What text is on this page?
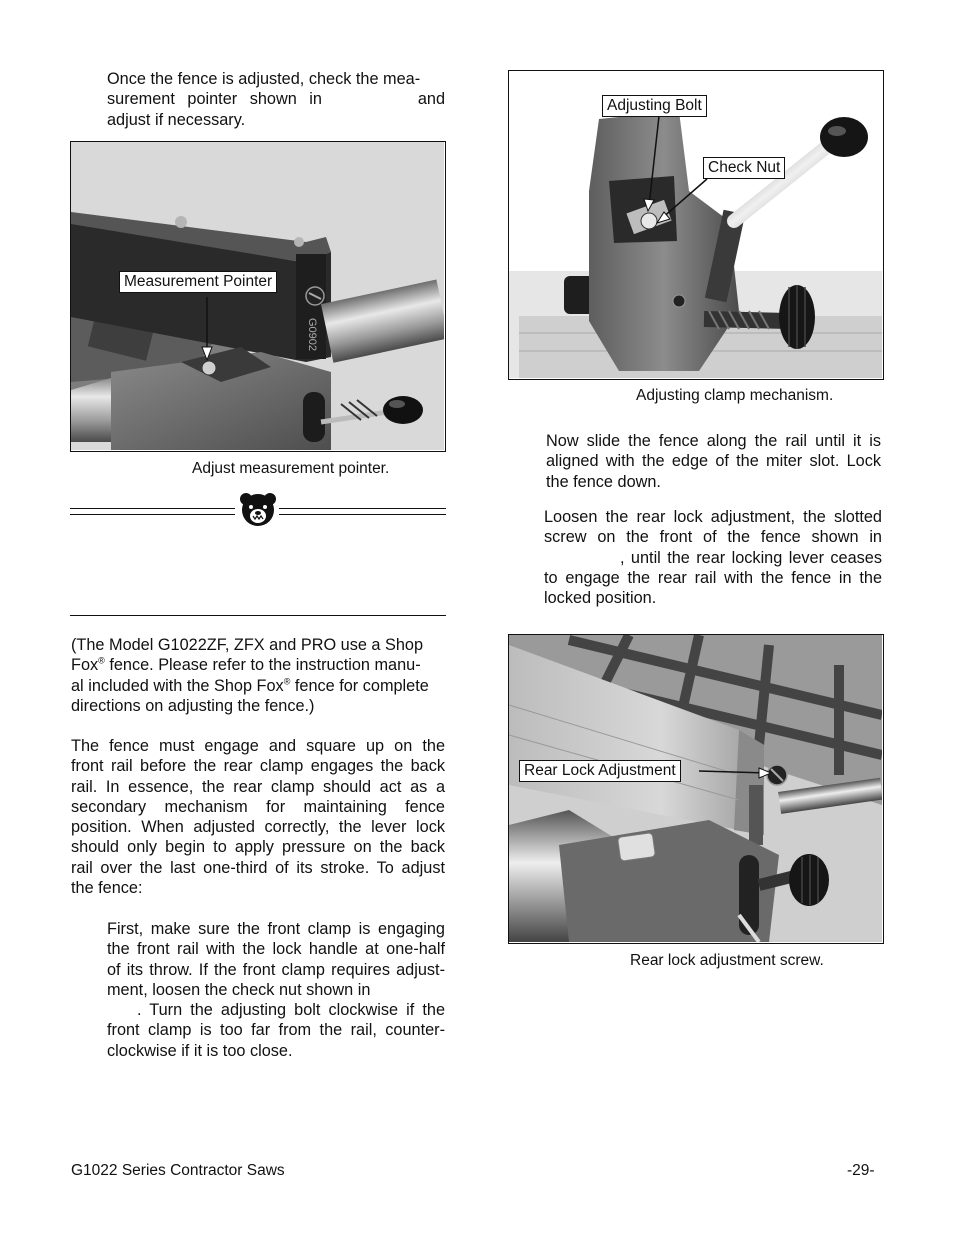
Once the fence is adjusted, check the mea-

surement pointer shown in	and

adjust if necessary.

G0902
Measurement Pointer
Adjust measurement pointer.

(The Model G1022ZF, ZFX and PRO use a Shop

Fox® fence. Please refer to the instruction manu-

al included with the Shop Fox® fence for complete

directions on adjusting the fence.)

The fence must engage and square up on the

front rail before the rear clamp engages the back

rail. In essence, the rear clamp should act as a

secondary mechanism for maintaining fence

position. When adjusted correctly, the lever lock

should only begin to apply pressure on the back

rail over the last one-third of its stroke. To adjust

the fence:

First, make sure the front clamp is engaging

the front rail with the lock handle at one-half

of its throw. If the front clamp requires adjust-

ment, loosen the check nut shown in

. Turn the adjusting bolt clockwise if the

front clamp is too far from the rail, counter-

clockwise if it is too close.

Adjusting Bolt
Check Nut
Adjusting clamp mechanism.

Now slide the fence along the rail until it is

aligned with the edge of the miter slot. Lock

the fence down.

Loosen the rear lock adjustment, the slotted

screw on the front of the fence shown in

, until the rear locking lever ceases

to engage the rear rail with the fence in the

locked position.

Rear Lock Adjustment
Rear lock adjustment screw.
G1022 Series Contractor Saws	-29-
